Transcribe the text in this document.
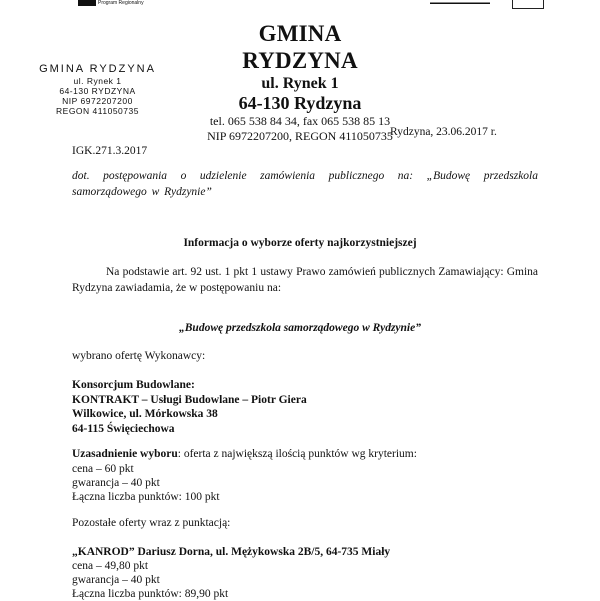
Program Regionalny	▬▬▬▬▬▬▬▬▬▬▬▬
GMINA RYDZYNA
ul. Rynek 1
64-130 Rydzyna
tel. 065 538 84 34, fax 065 538 85 13
NIP 6972207200, REGON 411050735
GMINA RYDZYNA
ul. Rynek 1
64-130 RYDZYNA
NIP 6972207200
REGON 411050735
Rydzyna, 23.06.2017 r.
IGK.271.3.2017
dot. postępowania o udzielenie zamówienia publicznego na: „Budowę przedszkola samorządowego w Rydzynie”
Informacja o wyborze oferty najkorzystniejszej
Na podstawie art. 92 ust. 1 pkt 1 ustawy Prawo zamówień publicznych Zamawiający: Gmina Rydzyna zawiadamia, że w postępowaniu na:
„Budowę przedszkola samorządowego w Rydzynie”
wybrano ofertę Wykonawcy:
Konsorcjum Budowlane:
KONTRAKT – Usługi Budowlane – Piotr Giera
Wilkowice, ul. Mórkowska 38
64-115 Święciechowa
Uzasadnienie wyboru: oferta z największą ilością punktów wg kryterium:
cena – 60 pkt
gwarancja – 40 pkt
Łączna liczba punktów: 100 pkt
Pozostałe oferty wraz z punktacją:
„KANROD” Dariusz Dorna, ul. Mężykowska 2B/5, 64-735 Miały
cena – 49,80 pkt
gwarancja – 40 pkt
Łączna liczba punktów: 89,90 pkt
